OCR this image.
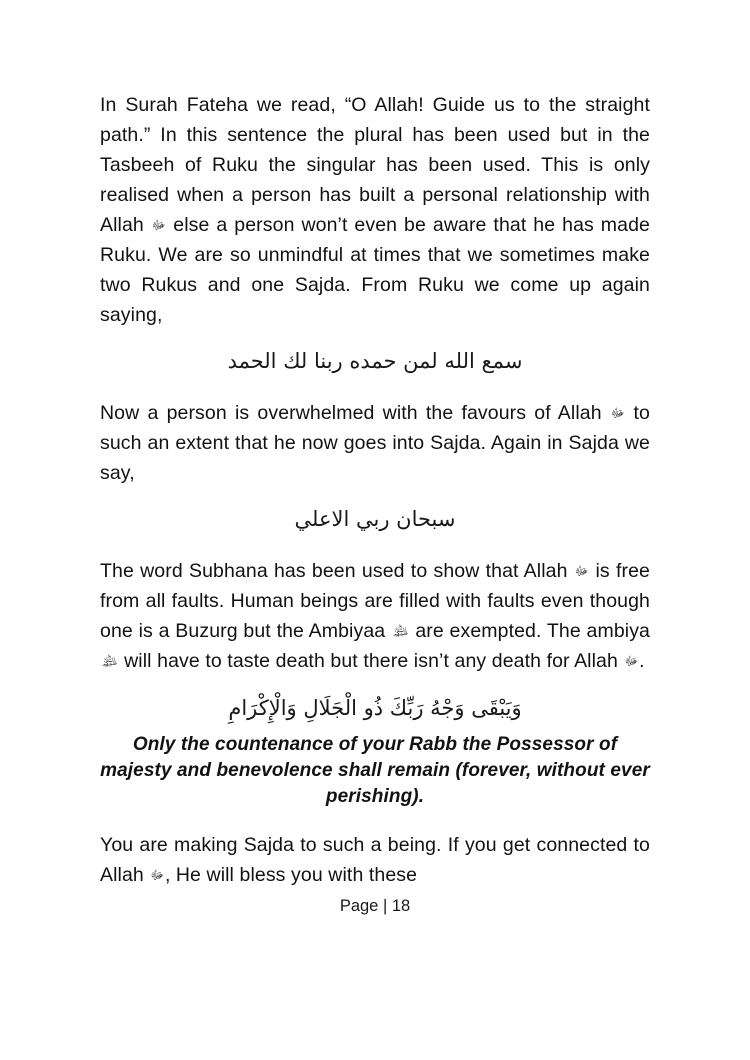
In Surah Fateha we read, “O Allah! Guide us to the straight path.” In this sentence the plural has been used but in the Tasbeeh of Ruku the singular has been used. This is only realised when a person has built a personal relationship with Allah ﷻ else a person won’t even be aware that he has made Ruku. We are so unmindful at times that we sometimes make two Rukus and one Sajda. From Ruku we come up again saying,

سمع الله لمن حمده ربنا لك الحمد

Now a person is overwhelmed with the favours of Allah ﷻ to such an extent that he now goes into Sajda. Again in Sajda we say,

سبحان ربي الاعلي

The word Subhana has been used to show that Allah ﷻ is free from all faults. Human beings are filled with faults even though one is a Buzurg but the Ambiyaa ﵈ are exempted. The ambiya ﵈ will have to taste death but there isn’t any death for Allah ﷻ.

وَيَبْقَى وَجْهُ رَبِّكَ ذُو الْجَلَالِ وَالْإِكْرَامِ
Only the countenance of your Rabb the Possessor of majesty and benevolence shall remain (forever, without ever perishing).

You are making Sajda to such a being. If you get connected to Allah ﷻ, He will bless you with these

Page | 18
